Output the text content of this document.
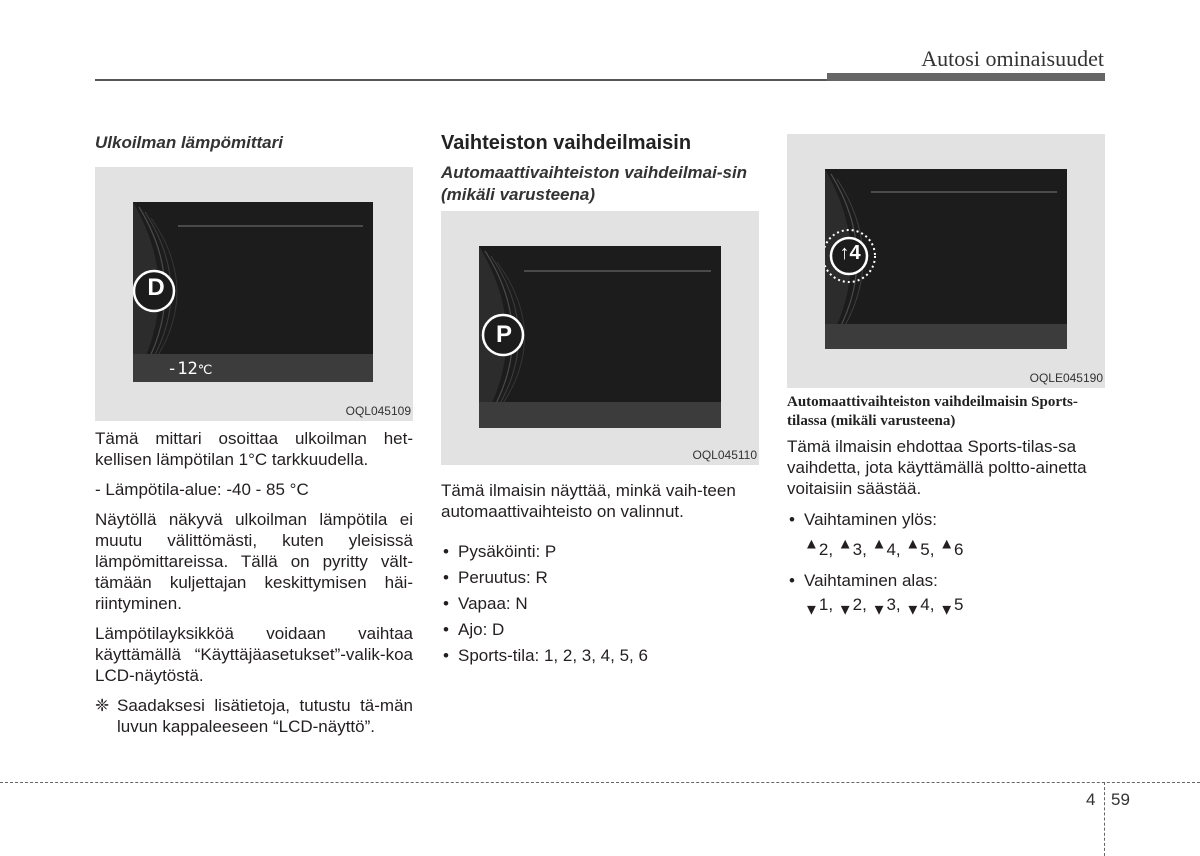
Autosi ominaisuudet
Ulkoilman lämpömittari
D
-12℃
OQL045109

Tämä mittari osoittaa ulkoilman het-kellisen lämpötilan 1°C tarkkuudella.

- Lämpötila-alue: -40 - 85 °C

Näytöllä näkyvä ulkoilman lämpötila ei muutu välittömästi, kuten yleisissä lämpömittareissa. Tällä on pyritty vält-tämään kuljettajan keskittymisen häi-riintyminen.

Lämpötilayksikköä voidaan vaihtaa käyttämällä “Käyttäjäasetukset”-valik-koa LCD-näytöstä.

❈ Saadaksesi lisätietoja, tutustu tä-män luvun kappaleeseen “LCD-näyttö”.
Vaihteiston vaihdeilmaisin
Automaattivaihteiston vaihdeilmai-sin (mikäli varusteena)
P
OQL045110

Tämä ilmaisin näyttää, minkä vaih-teen automaattivaihteisto on valinnut.

• Pysäköinti: P
• Peruutus: R
• Vapaa: N
• Ajo: D
• Sports-tila: 1, 2, 3, 4, 5, 6
↑4
OQLE045190
Automaattivaihteiston vaihdeilmaisin Sports-tilassa (mikäli varusteena)

Tämä ilmaisin ehdottaa Sports-tilas-sa vaihdetta, jota käyttämällä poltto-ainetta voitaisiin säästää.

• Vaihtaminen ylös:
▲2, ▲3, ▲4, ▲5, ▲6
• Vaihtaminen alas:
$_▼$1, $_▼$2, $_▼$3, $_▼$4, $_▼$5
4 59
